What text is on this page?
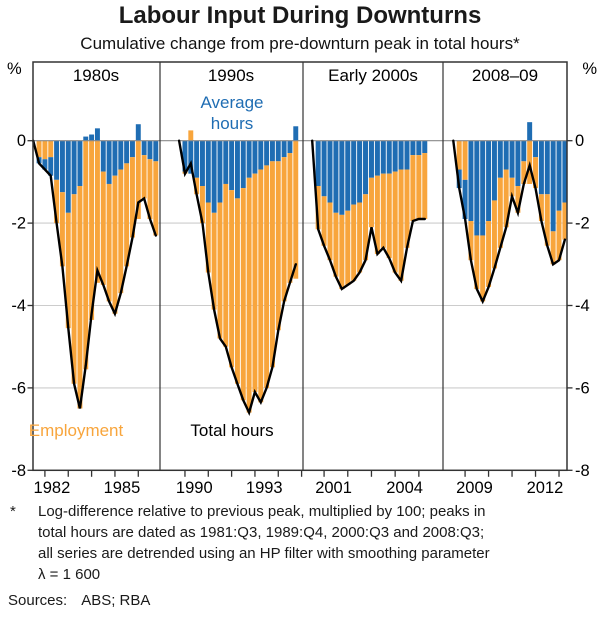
Labour Input During Downturns
Cumulative change from pre-downturn peak in total hours*
0	0
-2	-2
-4	-4
-6	-6
-8	-8
1982 1985 1990 1993 2001 2004 2009 2012
%	%
1980s	1990s	Early 2000s	2008–09
Average hours
Employment	Total hours
* Log-difference relative to previous peak, multiplied by 100; peaks in
total hours are dated as 1981:Q3, 1989:Q4, 2000:Q3 and 2008:Q3;
all series are detrended using an HP filter with smoothing parameter
λ = 1 600
Sources: ABS; RBA
